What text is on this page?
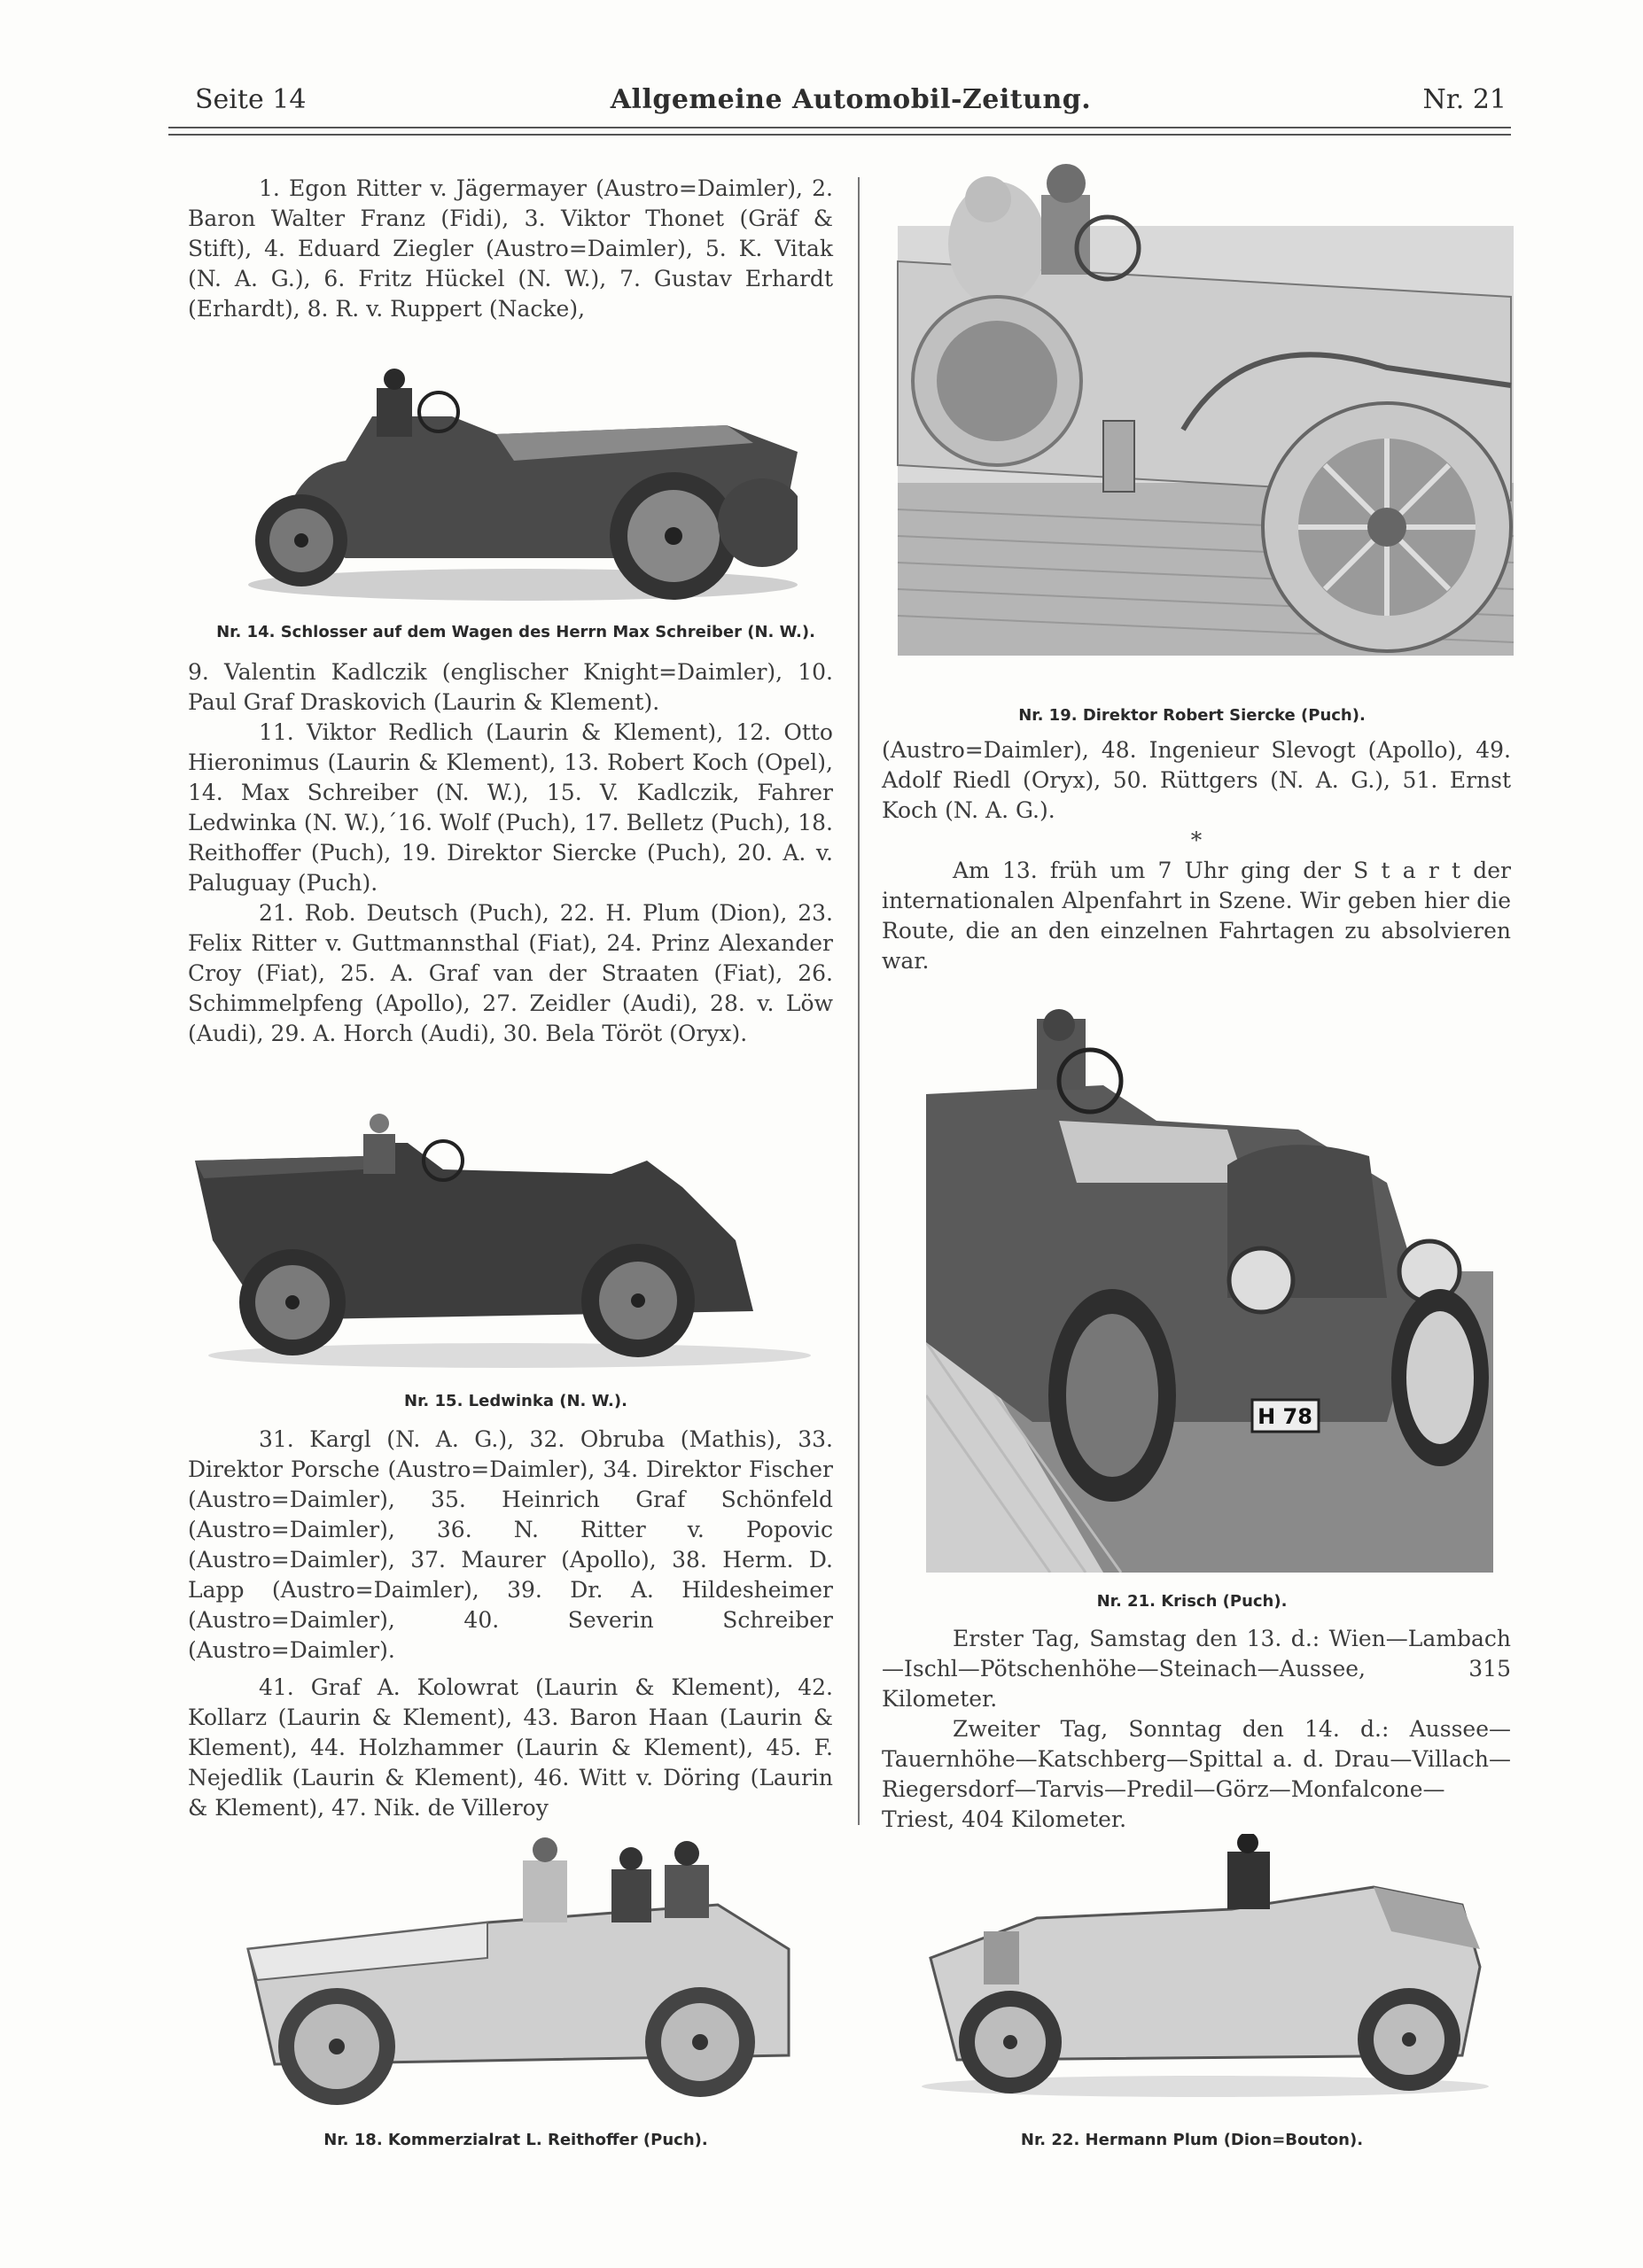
Seite 14	Allgemeine Automobil-Zeitung.	Nr. 21

1. Egon Ritter v. Jägermayer (Austro=Daimler), 2. Baron Walter Franz (Fidi), 3. Viktor Thonet (Gräf & Stift), 4. Eduard Ziegler (Austro=Daimler), 5. K. Vitak (N. A. G.), 6. Fritz Hückel (N. W.), 7. Gustav Erhardt (Erhardt), 8. R. v. Ruppert (Nacke),

Nr. 14. Schlosser auf dem Wagen des Herrn Max Schreiber (N. W.).

9. Valentin Kadlczik (englischer Knight=Daimler), 10. Paul Graf Draskovich (Laurin & Klement).

11. Viktor Redlich (Laurin & Klement), 12. Otto Hieronimus (Laurin & Klement), 13. Robert Koch (Opel), 14. Max Schreiber (N. W.), 15. V. Kadlczik, Fahrer Ledwinka (N. W.),´16. Wolf (Puch), 17. Belletz (Puch), 18. Reithoffer (Puch), 19. Direktor Siercke (Puch), 20. A. v. Paluguay (Puch).

21. Rob. Deutsch (Puch), 22. H. Plum (Dion), 23. Felix Ritter v. Guttmannsthal (Fiat), 24. Prinz Alexander Croy (Fiat), 25. A. Graf van der Straaten (Fiat), 26. Schimmelpfeng (Apollo), 27. Zeidler (Audi), 28. v. Löw (Audi), 29. A. Horch (Audi), 30. Bela Töröt (Oryx).

Nr. 15. Ledwinka (N. W.).

31. Kargl (N. A. G.), 32. Obruba (Mathis), 33. Direktor Porsche (Austro=Daimler), 34. Direktor Fischer (Austro=Daimler), 35. Heinrich Graf Schönfeld (Austro=Daimler), 36. N. Ritter v. Popovic (Austro=Daimler), 37. Maurer (Apollo), 38. Herm. D. Lapp (Austro=Daimler), 39. Dr. A. Hildesheimer (Austro=Daimler), 40. Severin Schreiber (Austro=Daimler).

41. Graf A. Kolowrat (Laurin & Klement), 42. Kollarz (Laurin & Klement), 43. Baron Haan (Laurin & Klement), 44. Holzhammer (Laurin & Klement), 45. F. Nejedlik (Laurin & Klement), 46. Witt v. Döring (Laurin & Klement), 47. Nik. de Villeroy

Nr. 18. Kommerzialrat L. Reithoffer (Puch).
Nr. 19. Direktor Robert Siercke (Puch).

(Austro=Daimler), 48. Ingenieur Slevogt (Apollo), 49. Adolf Riedl (Oryx), 50. Rüttgers (N. A. G.), 51. Ernst Koch (N. A. G.).

*

Am 13. früh um 7 Uhr ging der S t a r t der internationalen Alpenfahrt in Szene. Wir geben hier die Route, die an den einzelnen Fahrtagen zu absolvieren war.

H 78
Nr. 21. Krisch (Puch).

Erster Tag, Samstag den 13. d.: Wien—Lambach—Ischl—Pötschenhöhe—Steinach—Aussee, 315 Kilometer.

Zweiter Tag, Sonntag den 14. d.: Aussee—Tauernhöhe—Katschberg—Spittal a. d. Drau—Villach—Riegersdorf—Tarvis—Predil—Görz—Monfalcone—Triest, 404 Kilometer.

Nr. 22. Hermann Plum (Dion=Bouton).
